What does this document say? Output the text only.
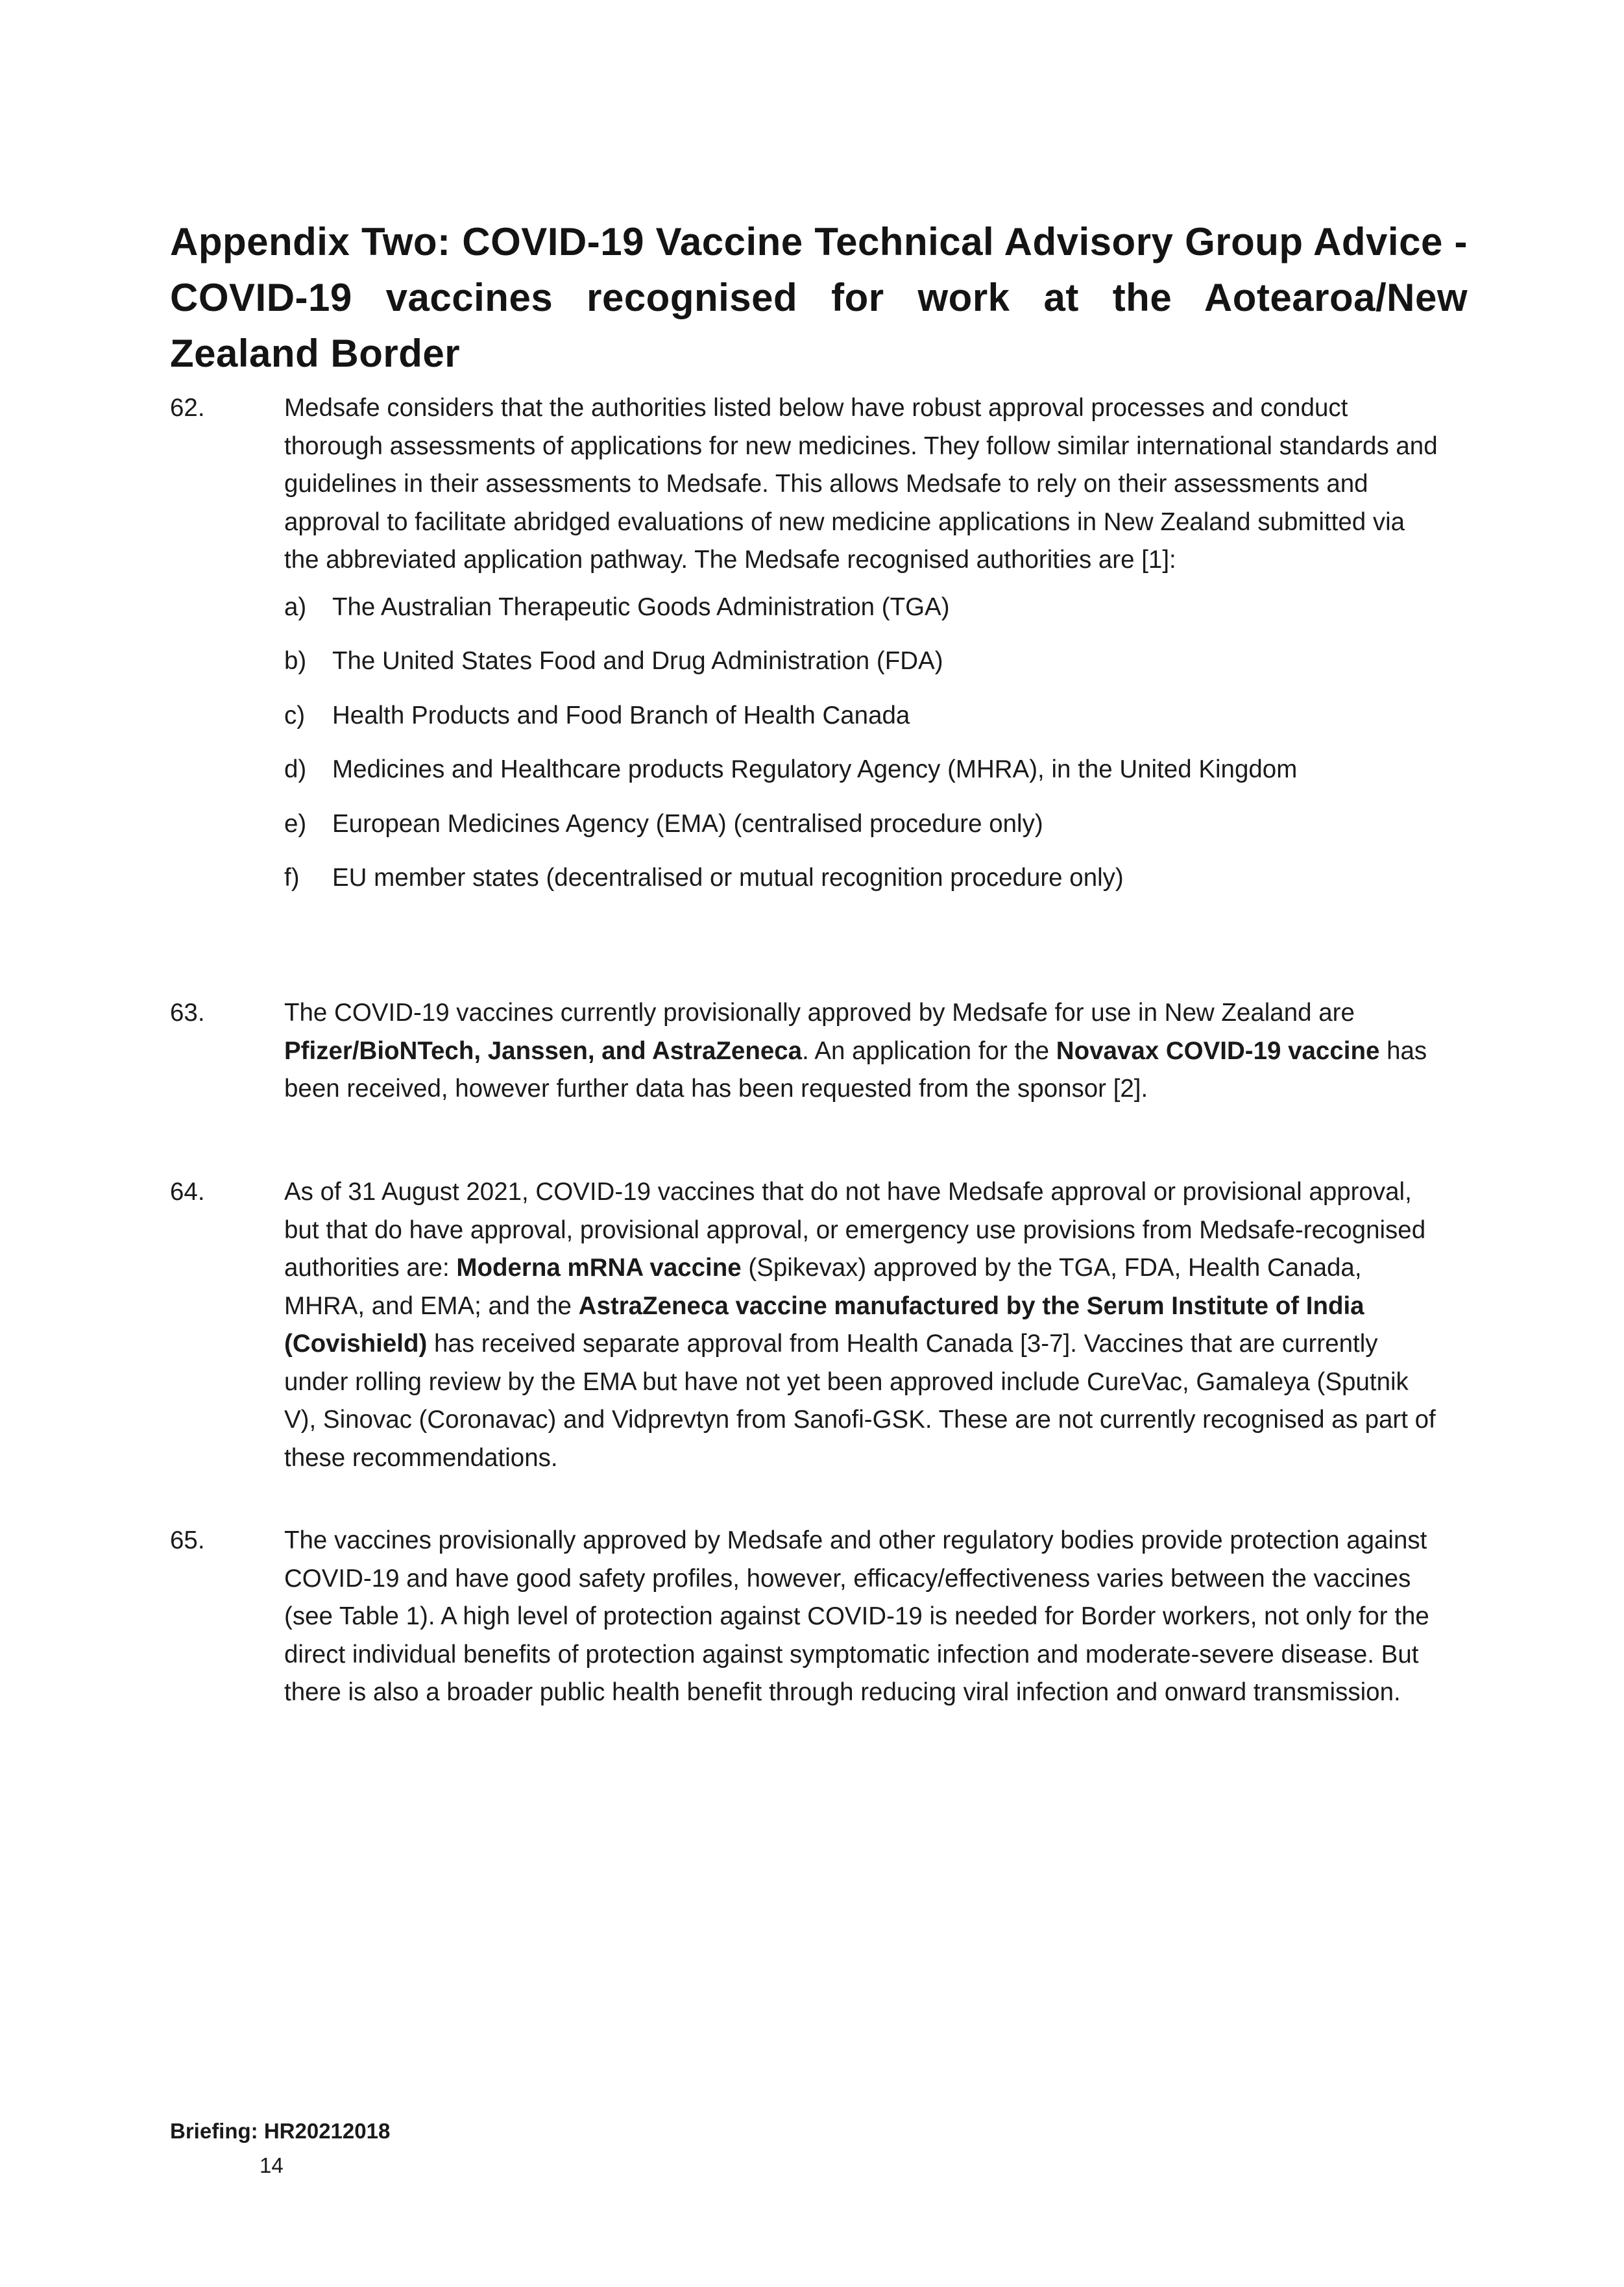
Appendix Two: COVID-19 Vaccine Technical Advisory Group Advice - COVID-19 vaccines recognised for work at the Aotearoa/New Zealand Border
62.	Medsafe considers that the authorities listed below have robust approval processes and conduct thorough assessments of applications for new medicines. They follow similar international standards and guidelines in their assessments to Medsafe. This allows Medsafe to rely on their assessments and approval to facilitate abridged evaluations of new medicine applications in New Zealand submitted via the abbreviated application pathway. The Medsafe recognised authorities are [1]:
a) The Australian Therapeutic Goods Administration (TGA)
b) The United States Food and Drug Administration (FDA)
c) Health Products and Food Branch of Health Canada
d) Medicines and Healthcare products Regulatory Agency (MHRA), in the United Kingdom
e) European Medicines Agency (EMA) (centralised procedure only)
f) EU member states (decentralised or mutual recognition procedure only)
63.	The COVID-19 vaccines currently provisionally approved by Medsafe for use in New Zealand are Pfizer/BioNTech, Janssen, and AstraZeneca. An application for the Novavax COVID-19 vaccine has been received, however further data has been requested from the sponsor [2].
64.	As of 31 August 2021, COVID-19 vaccines that do not have Medsafe approval or provisional approval, but that do have approval, provisional approval, or emergency use provisions from Medsafe-recognised authorities are: Moderna mRNA vaccine (Spikevax) approved by the TGA, FDA, Health Canada, MHRA, and EMA; and the AstraZeneca vaccine manufactured by the Serum Institute of India (Covishield) has received separate approval from Health Canada [3-7]. Vaccines that are currently under rolling review by the EMA but have not yet been approved include CureVac, Gamaleya (Sputnik V), Sinovac (Coronavac) and Vidprevtyn from Sanofi-GSK. These are not currently recognised as part of these recommendations.
65.	The vaccines provisionally approved by Medsafe and other regulatory bodies provide protection against COVID-19 and have good safety profiles, however, efficacy/effectiveness varies between the vaccines (see Table 1). A high level of protection against COVID-19 is needed for Border workers, not only for the direct individual benefits of protection against symptomatic infection and moderate-severe disease. But there is also a broader public health benefit through reducing viral infection and onward transmission.
Briefing: HR20212018
14
